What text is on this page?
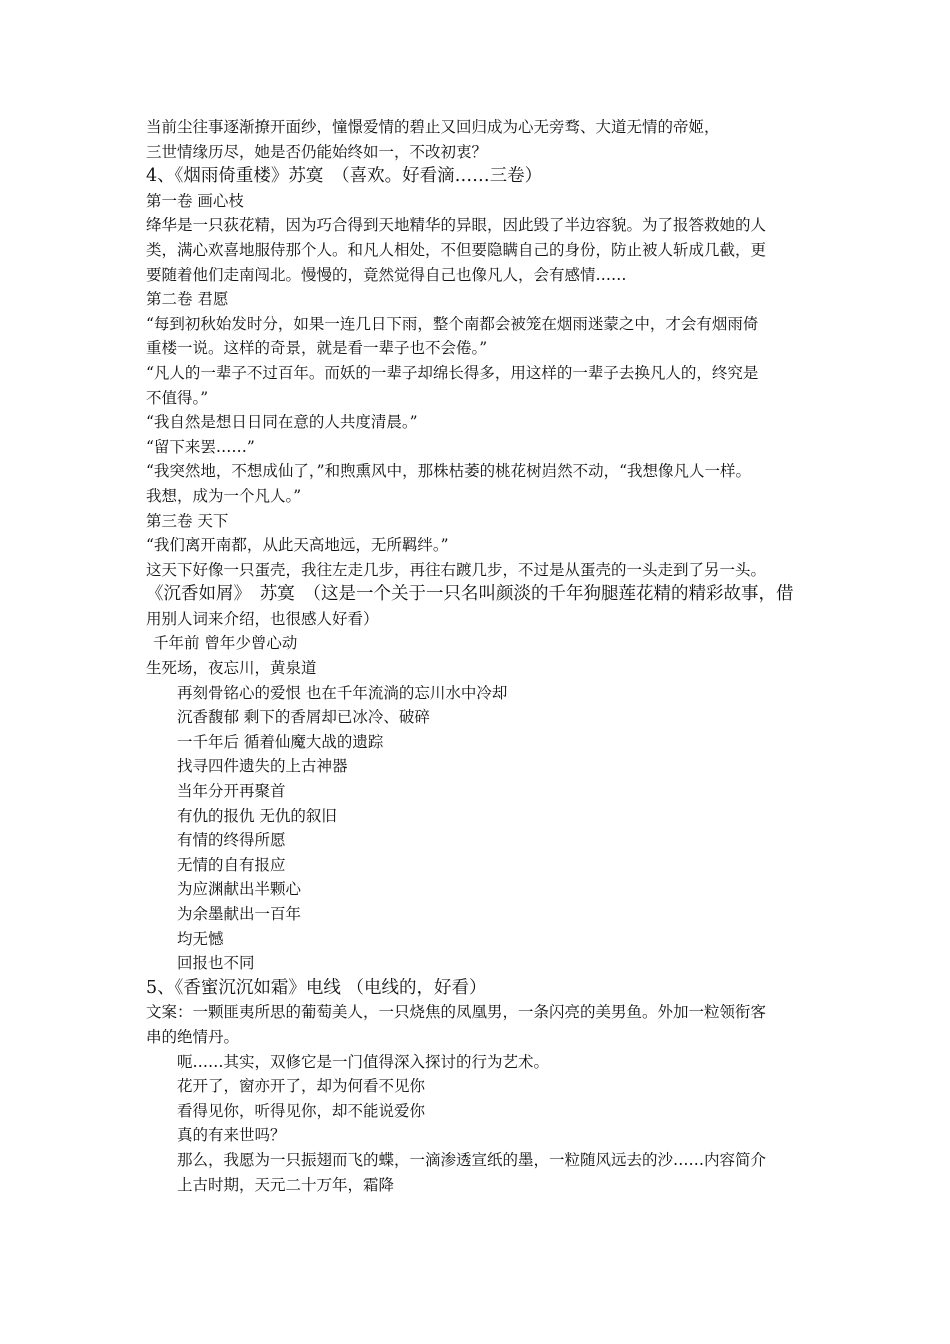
当前尘往事逐渐撩开面纱，憧憬爱情的碧止又回归成为心无旁骛、大道无情的帝姬，
三世情缘历尽，她是否仍能始终如一，不改初衷？
4、《烟雨倚重楼》苏寞　（喜欢。好看滴……三卷）
第一卷 画心枝
绛华是一只荻花精，因为巧合得到天地精华的异眼，因此毁了半边容貌。为了报答救她的人
类，满心欢喜地服侍那个人。和凡人相处，不但要隐瞒自己的身份，防止被人斩成几截，更
要随着他们走南闯北。慢慢的，竟然觉得自己也像凡人，会有感情……
第二卷 君愿
“每到初秋始发时分，如果一连几日下雨，整个南都会被笼在烟雨迷蒙之中，才会有烟雨倚
重楼一说。这样的奇景，就是看一辈子也不会倦。”
“凡人的一辈子不过百年。而妖的一辈子却绵长得多，用这样的一辈子去换凡人的，终究是
不值得。”
“我自然是想日日同在意的人共度清晨。”
“留下来罢……”
“我突然地，不想成仙了，”和煦熏风中，那株枯萎的桃花树岿然不动，“我想像凡人一样。
我想，成为一个凡人。”
第三卷 天下
“我们离开南都，从此天高地远，无所羁绊。”
这天下好像一只蛋壳，我往左走几步，再往右踱几步，不过是从蛋壳的一头走到了另一头。
《沉香如屑》　苏寞　（这是一个关于一只名叫颜淡的千年狗腿莲花精的精彩故事，借
用别人词来介绍，也很感人好看）
千年前 曾年少曾心动
生死场，夜忘川，黄泉道
再刻骨铭心的爱恨 也在千年流淌的忘川水中冷却
沉香馥郁 剩下的香屑却已冰冷、破碎
一千年后 循着仙魔大战的遗踪
找寻四件遗失的上古神器
当年分开再聚首
有仇的报仇 无仇的叙旧
有情的终得所愿
无情的自有报应
为应渊献出半颗心
为余墨献出一百年
均无憾
回报也不同
5、《香蜜沉沉如霜》电线 （电线的，好看）
文案：一颗匪夷所思的葡萄美人，一只烧焦的凤凰男，一条闪亮的美男鱼。外加一粒领衔客
串的绝情丹。
呃……其实，双修它是一门值得深入探讨的行为艺术。
花开了，窗亦开了，却为何看不见你
看得见你，听得见你，却不能说爱你
真的有来世吗？
那么，我愿为一只振翅而飞的蝶，一滴渗透宣纸的墨，一粒随风远去的沙……内容简介
上古时期，天元二十万年，霜降
